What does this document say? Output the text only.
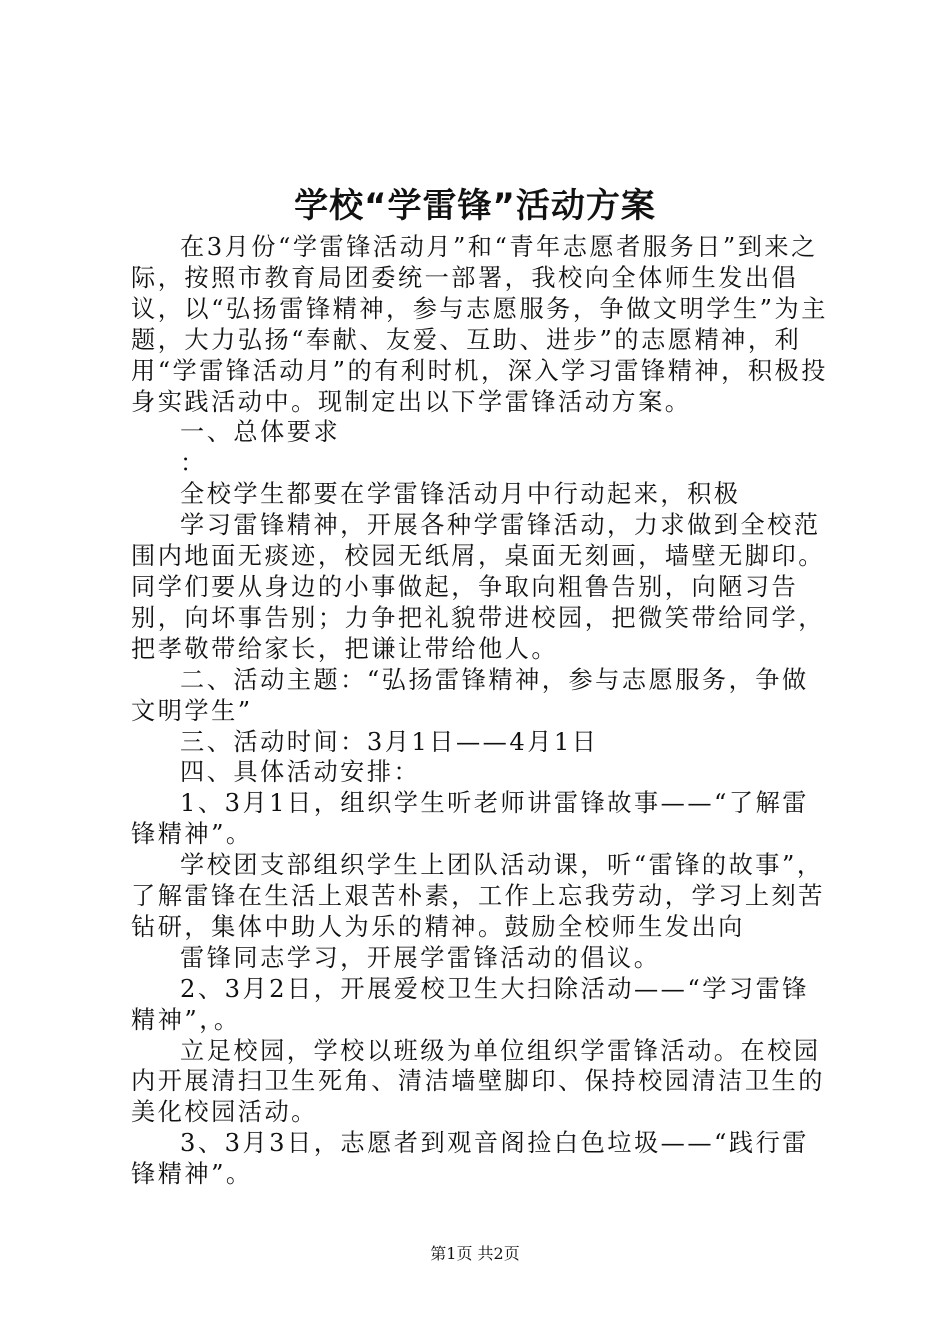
学校“学雷锋”活动方案

在3月份“学雷锋活动月”和“青年志愿者服务日”到来之际，按照市教育局团委统一部署，我校向全体师生发出倡议，以“弘扬雷锋精神，参与志愿服务，争做文明学生”为主题，大力弘扬“奉献、友爱、互助、进步”的志愿精神，利用“学雷锋活动月”的有利时机，深入学习雷锋精神，积极投身实践活动中。现制定出以下学雷锋活动方案。

一、总体要求

：

全校学生都要在学雷锋活动月中行动起来，积极

学习雷锋精神，开展各种学雷锋活动，力求做到全校范围内地面无痰迹，校园无纸屑，桌面无刻画，墙壁无脚印。同学们要从身边的小事做起，争取向粗鲁告别，向陋习告别，向坏事告别；力争把礼貌带进校园，把微笑带给同学，把孝敬带给家长，把谦让带给他人。

二、活动主题：“弘扬雷锋精神，参与志愿服务，争做文明学生”

三、活动时间：3月1日——4月1日

四、具体活动安排：

1、3月1日，组织学生听老师讲雷锋故事——“了解雷锋精神”。

学校团支部组织学生上团队活动课，听“雷锋的故事”，了解雷锋在生活上艰苦朴素，工作上忘我劳动，学习上刻苦钻研，集体中助人为乐的精神。鼓励全校师生发出向

雷锋同志学习，开展学雷锋活动的倡议。

2、3月2日，开展爱校卫生大扫除活动——“学习雷锋精神”，。

立足校园，学校以班级为单位组织学雷锋活动。在校园内开展清扫卫生死角、清洁墙壁脚印、保持校园清洁卫生的美化校园活动。

3、3月3日，志愿者到观音阁捡白色垃圾——“践行雷锋精神”。

第1页 共2页
